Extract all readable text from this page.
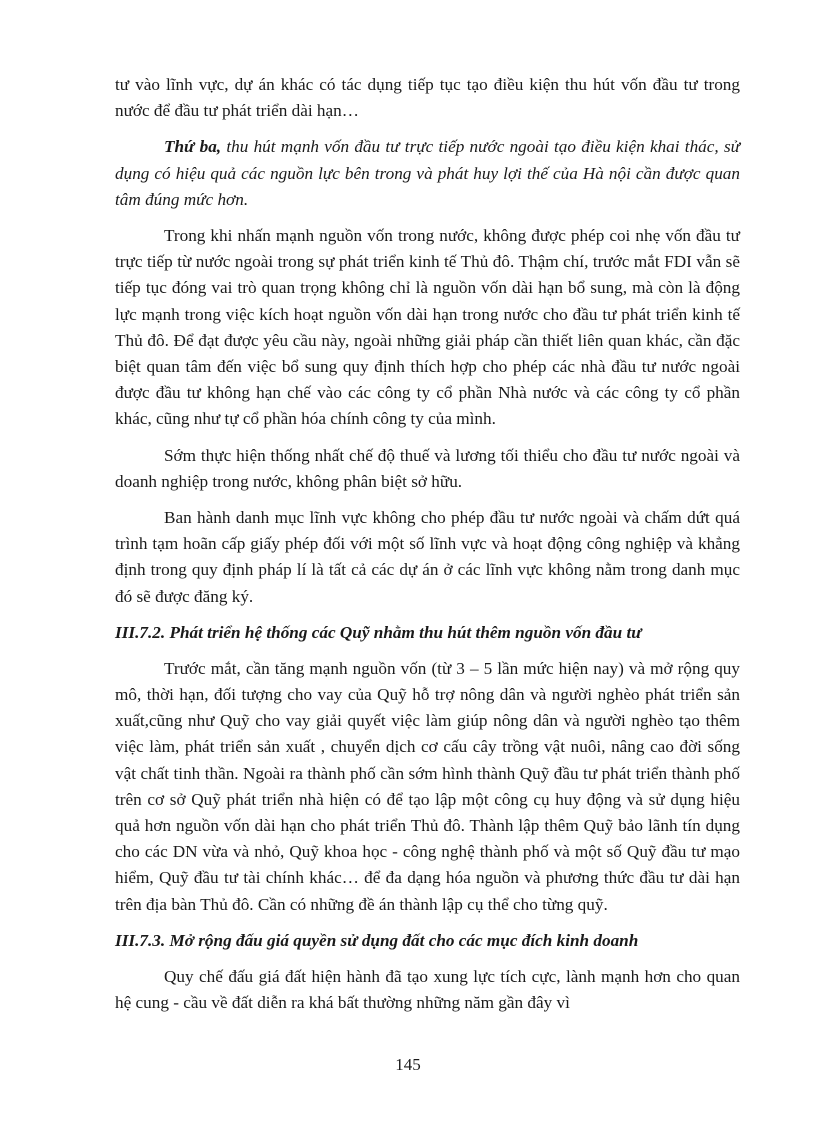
tư vào lĩnh vực, dự án khác có tác dụng tiếp tục tạo điều kiện thu hút vốn đầu tư trong nước để đầu tư phát triển dài hạn…

Thứ ba, thu hút mạnh vốn đầu tư trực tiếp nước ngoài tạo điều kiện khai thác, sử dụng có hiệu quả các nguồn lực bên trong và phát huy lợi thế của Hà nội cần được quan tâm đúng mức hơn.

Trong khi nhấn mạnh nguồn vốn trong nước, không được phép coi nhẹ vốn đầu tư trực tiếp từ nước ngoài trong sự phát triển kinh tế Thủ đô. Thậm chí, trước mắt FDI vẫn sẽ tiếp tục đóng vai trò quan trọng không chỉ là nguồn vốn dài hạn bổ sung, mà còn là động lực mạnh trong việc kích hoạt nguồn vốn dài hạn trong nước cho đầu tư phát triển kinh tế Thủ đô. Để đạt được yêu cầu này, ngoài những giải pháp cần thiết liên quan khác, cần đặc biệt quan tâm đến việc bổ sung quy định thích hợp cho phép các nhà đầu tư nước ngoài được đầu tư không hạn chế vào các công ty cổ phần Nhà nước và các công ty cổ phần khác, cũng như tự cổ phần hóa chính công ty của mình.

Sớm thực hiện thống nhất chế độ thuế và lương tối thiểu cho đầu tư nước ngoài và doanh nghiệp trong nước, không phân biệt sở hữu.

Ban hành danh mục lĩnh vực không cho phép đầu tư nước ngoài và chấm dứt quá trình tạm hoãn cấp giấy phép đối với một số lĩnh vực và hoạt động công nghiệp và khẳng định trong quy định pháp lí là tất cả các dự án ở các lĩnh vực không nằm trong danh mục đó sẽ được đăng ký.

III.7.2. Phát triển hệ thống các Quỹ nhằm thu hút thêm nguồn vốn đầu tư

Trước mắt, cần tăng mạnh nguồn vốn (từ 3 – 5 lần mức hiện nay) và mở rộng quy mô, thời hạn, đối tượng cho vay của Quỹ hỗ trợ nông dân và người nghèo phát triển sản xuất,cũng như Quỹ cho vay giải quyết việc làm giúp nông dân và người nghèo tạo thêm việc làm, phát triển sản xuất , chuyển dịch cơ cấu cây trồng vật nuôi, nâng cao đời sống vật chất tinh thần. Ngoài ra thành phố cần sớm hình thành Quỹ đầu tư phát triển thành phố trên cơ sở Quỹ phát triển nhà hiện có để tạo lập một công cụ huy động và sử dụng hiệu quả hơn nguồn vốn dài hạn cho phát triển Thủ đô. Thành lập thêm Quỹ bảo lãnh tín dụng cho các DN vừa và nhỏ, Quỹ khoa học - công nghệ thành phố và một số Quỹ đầu tư mạo hiểm, Quỹ đầu tư tài chính khác… để đa dạng hóa nguồn và phương thức đầu tư dài hạn trên địa bàn Thủ đô. Cần có những đề án thành lập cụ thể cho từng quỹ.

III.7.3. Mở rộng đấu giá quyền sử dụng đất cho các mục đích kinh doanh

Quy chế đấu giá đất hiện hành đã tạo xung lực tích cực, lành mạnh hơn cho quan hệ cung - cầu về đất diễn ra khá bất thường những năm gần đây vì

145
